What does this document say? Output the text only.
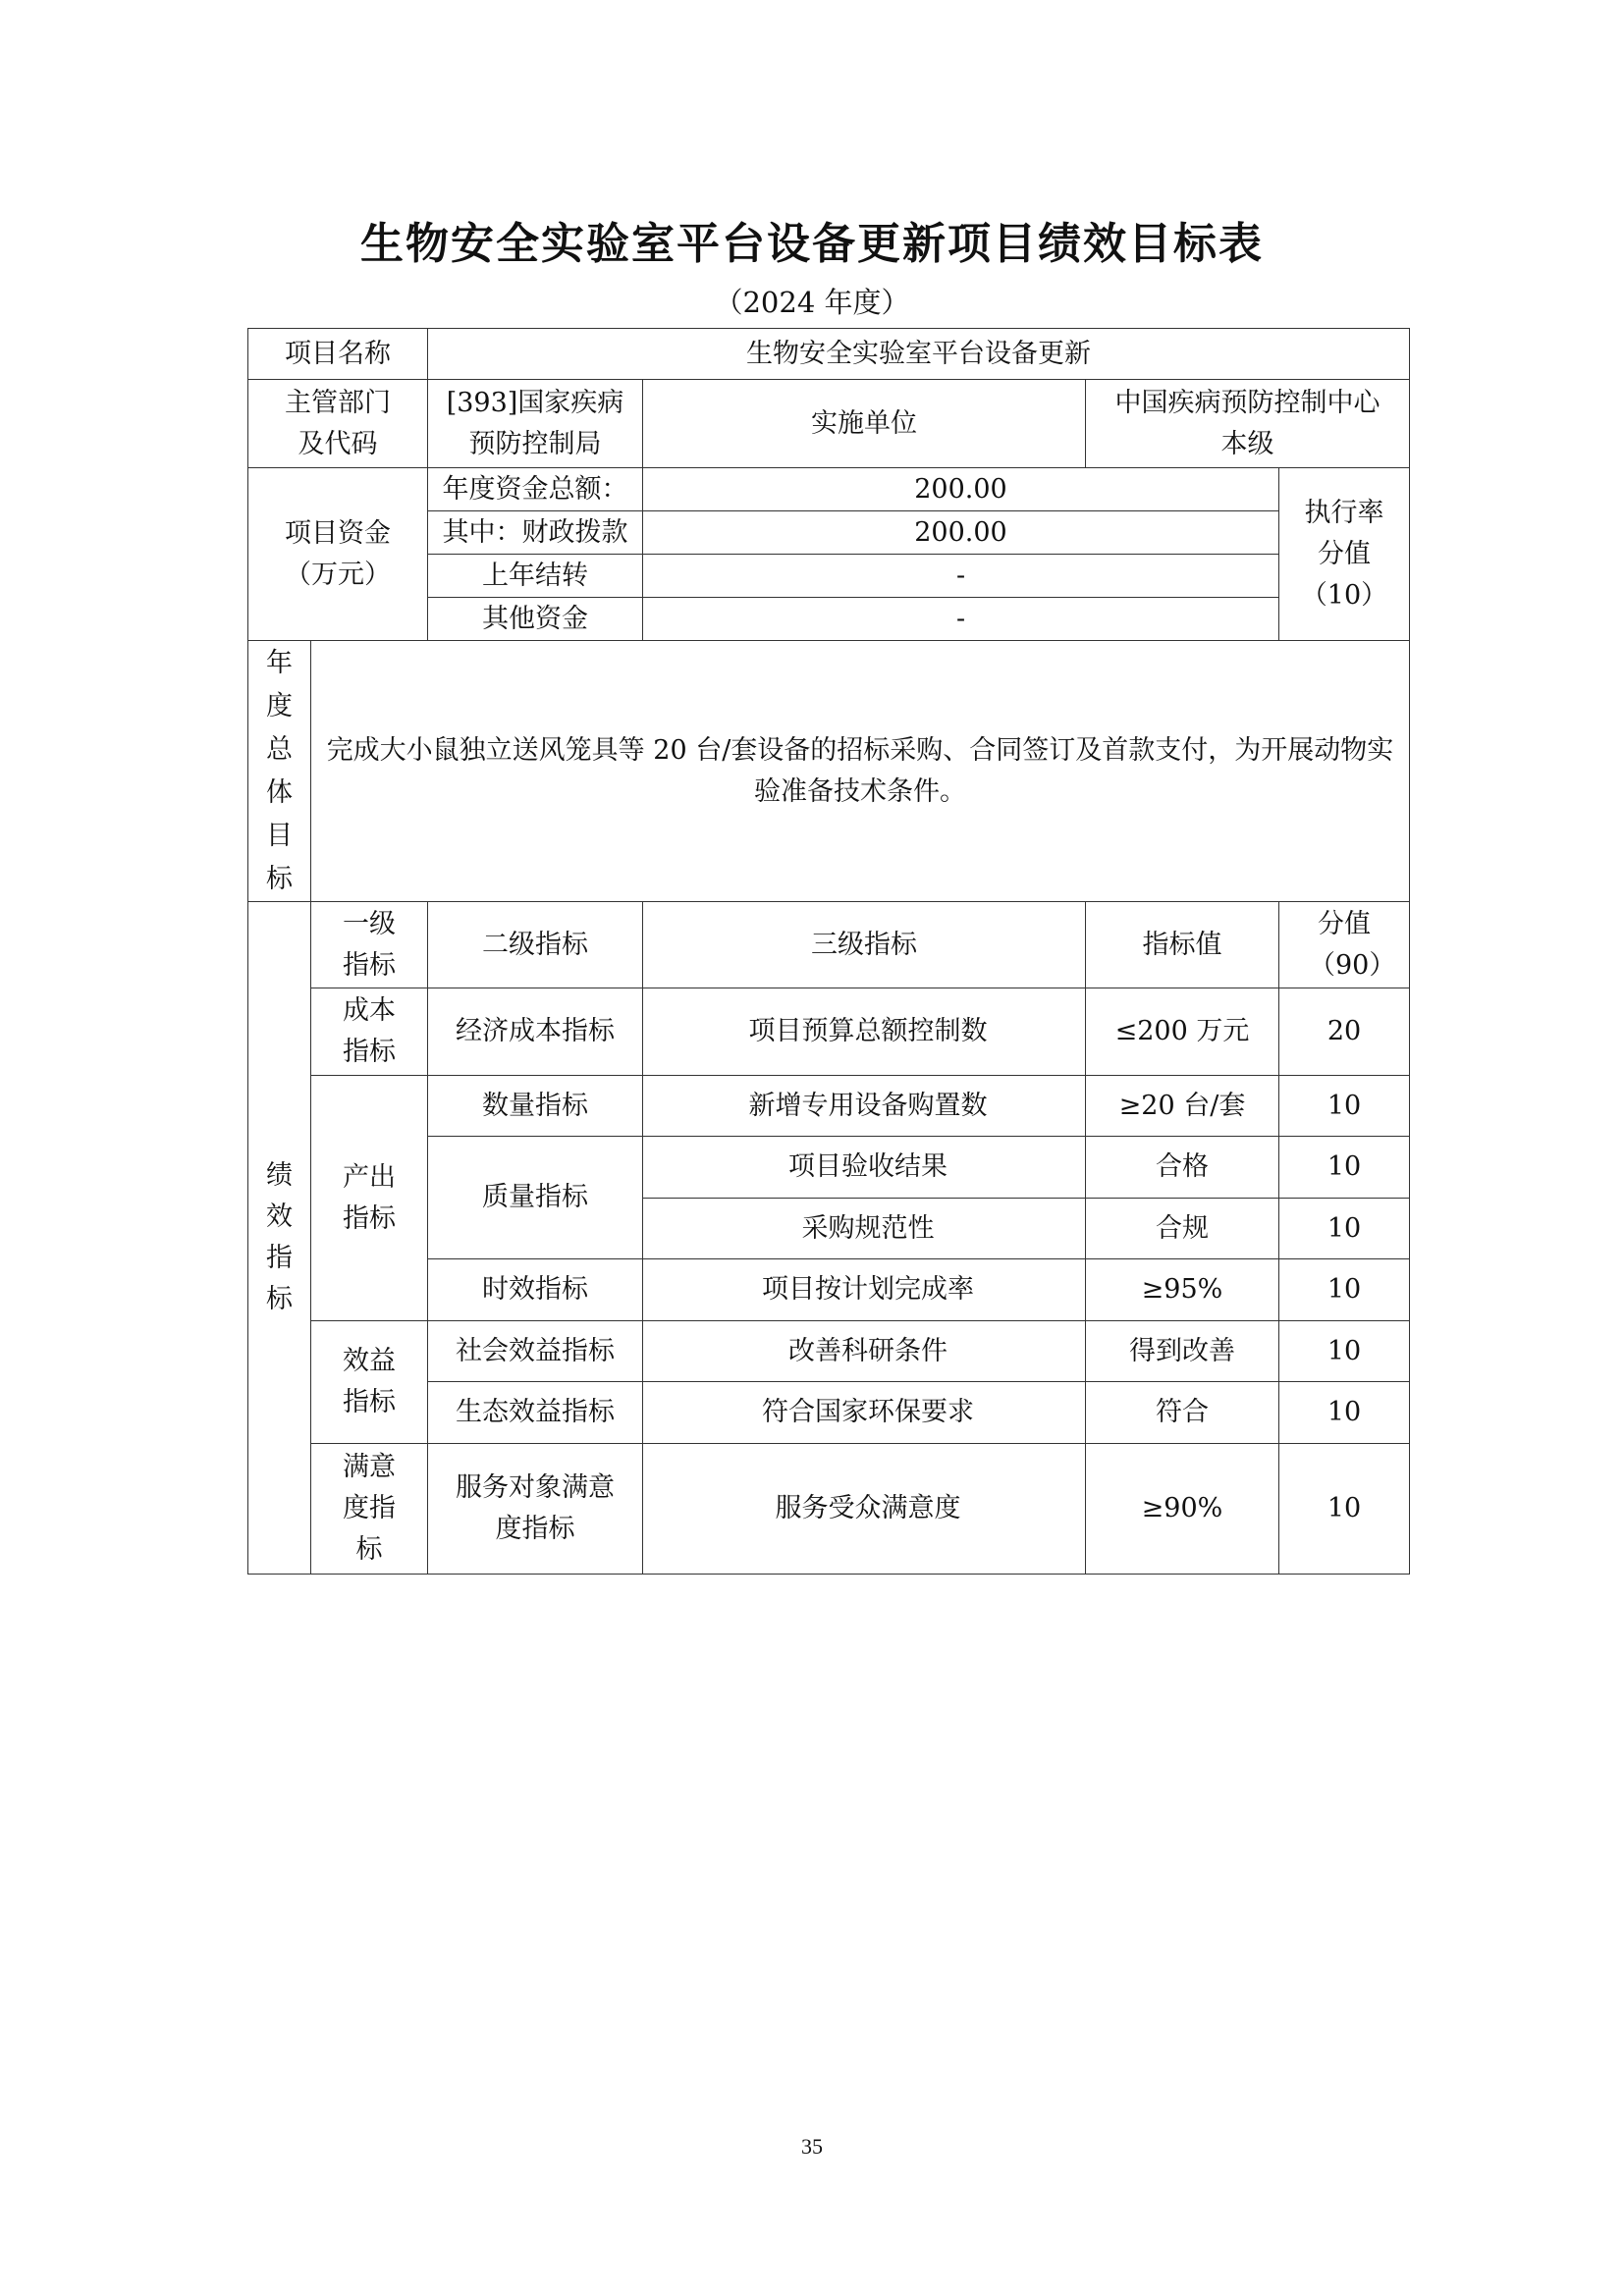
生物安全实验室平台设备更新项目绩效目标表
（2024 年度）
项目名称		生物安全实验室平台设备更新			
主管部门及代码		[393]国家疾病预防控制局	实施单位	中国疾病预防控制中心本级	
项目资金（万元）		年度资金总额：	200.00		执行率分值（10）
		其中：财政拨款	200.00		
		上年结转	-		
		其他资金	-		
年度总体目标	完成大小鼠独立送风笼具等 20 台/套设备的招标采购、合同签订及首款支付，为开展动物实验准备技术条件。				
绩效指标	一级指标	二级指标	三级指标	指标值	分值（90）
	成本指标	经济成本指标	项目预算总额控制数	≤200 万元	20
	产出指标	数量指标	新增专用设备购置数	≥20 台/套	10
		质量指标	项目验收结果	合格	10
			采购规范性	合规	10
		时效指标	项目按计划完成率	≥95%	10
	效益指标	社会效益指标	改善科研条件	得到改善	10
		生态效益指标	符合国家环保要求	符合	10
	满意度指标	服务对象满意度指标	服务受众满意度	≥90%	10
35
